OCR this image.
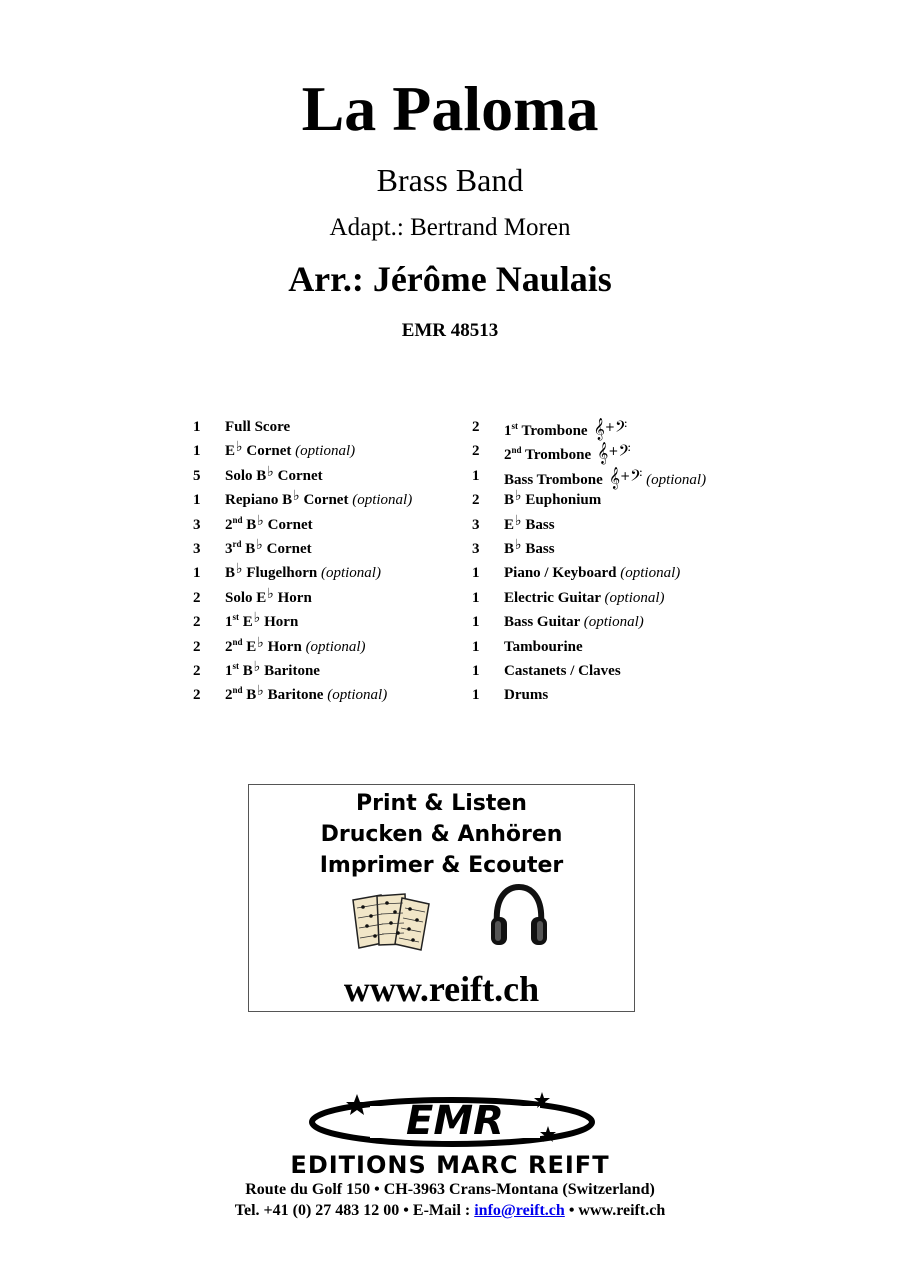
La Paloma
Brass Band
Adapt.: Bertrand Moren
Arr.: Jérôme Naulais
EMR 48513
1 Full Score
1 E♭ Cornet (optional)
5 Solo B♭ Cornet
1 Repiano B♭ Cornet (optional)
3 2nd B♭ Cornet
3 3rd B♭ Cornet
1 B♭ Flugelhorn (optional)
2 Solo E♭ Horn
2 1st E♭ Horn
2 2nd E♭ Horn (optional)
2 1st B♭ Baritone
2 2nd B♭ Baritone (optional)
2 1st Trombone 𝄞+𝄢
2 2nd Trombone 𝄞+𝄢
1 Bass Trombone 𝄞+𝄢 (optional)
2 B♭ Euphonium
3 E♭ Bass
3 B♭ Bass
1 Piano / Keyboard (optional)
1 Electric Guitar (optional)
1 Bass Guitar (optional)
1 Tambourine
1 Castanets / Claves
1 Drums
Print & Listen
Drucken & Anhören
Imprimer & Ecouter
www.reift.ch
EMR
EDITIONS MARC REIFT
Route du Golf 150 • CH-3963 Crans-Montana (Switzerland)
Tel. +41 (0) 27 483 12 00 • E-Mail : info@reift.ch • www.reift.ch
